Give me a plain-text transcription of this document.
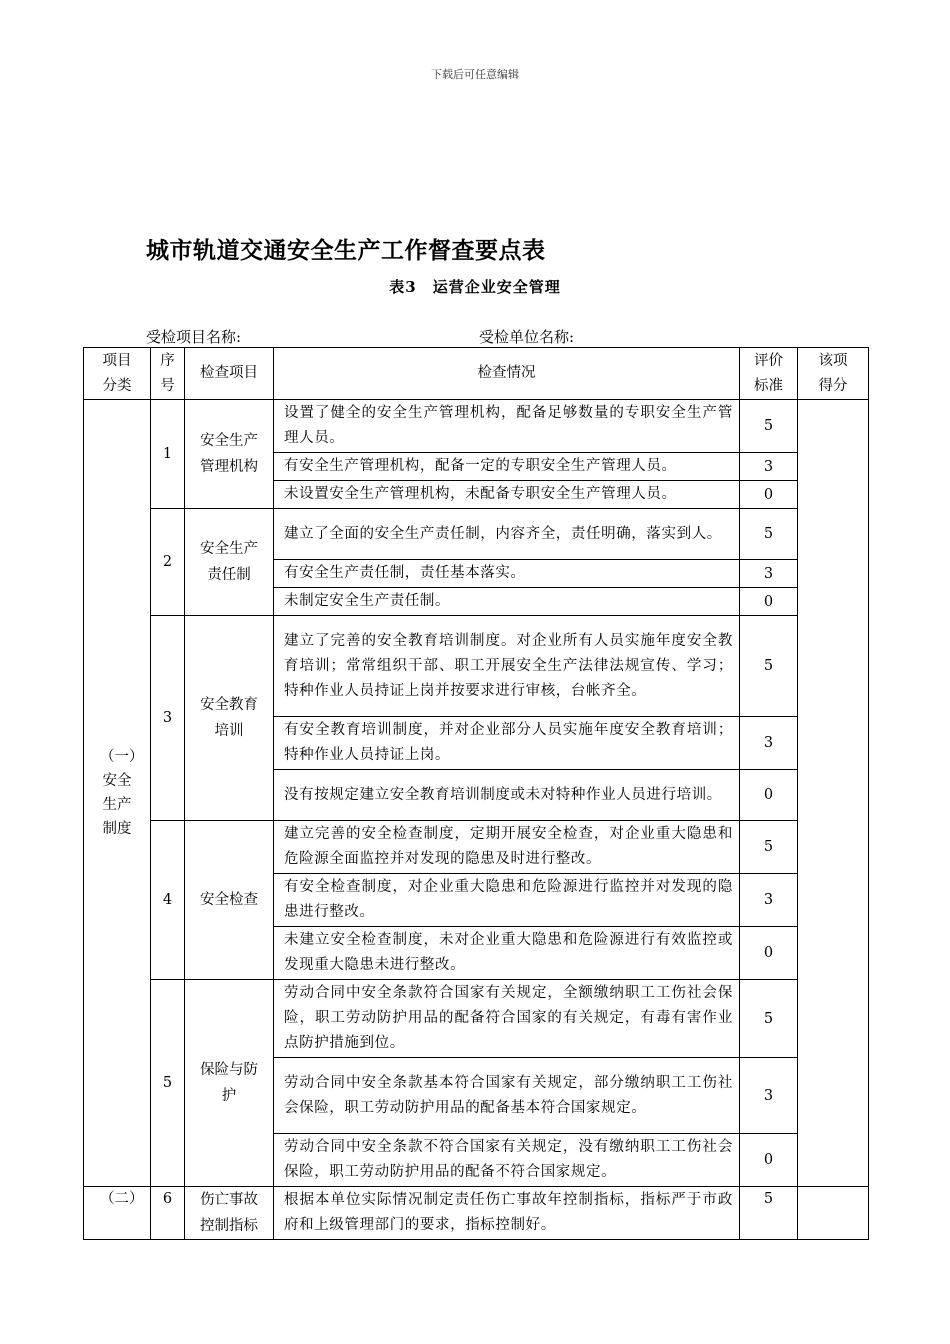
下载后可任意编辑
城市轨道交通安全生产工作督查要点表
表3　运营企业安全管理
受检项目名称:	受检单位名称:
项目分类	序号	检查项目	检查情况	评价标准	该项得分
（一）安全生产制度	1	安全生产管理机构	设置了健全的安全生产管理机构，配备足够数量的专职安全生产管理人员。	5	
			有安全生产管理机构，配备一定的专职安全生产管理人员。	3	
			未设置安全生产管理机构，未配备专职安全生产管理人员。	0	
	2	安全生产责任制	建立了全面的安全生产责任制，内容齐全，责任明确，落实到人。	5	
			有安全生产责任制，责任基本落实。	3	
			未制定安全生产责任制。	0	
	3	安全教育培训	建立了完善的安全教育培训制度。对企业所有人员实施年度安全教育培训；常常组织干部、职工开展安全生产法律法规宣传、学习；特种作业人员持证上岗并按要求进行审核，台帐齐全。	5	
			有安全教育培训制度，并对企业部分人员实施年度安全教育培训；特种作业人员持证上岗。	3	
			没有按规定建立安全教育培训制度或未对特种作业人员进行培训。	0	
	4	安全检查	建立完善的安全检查制度，定期开展安全检查，对企业重大隐患和危险源全面监控并对发现的隐患及时进行整改。	5	
			有安全检查制度，对企业重大隐患和危险源进行监控并对发现的隐患进行整改。	3	
			未建立安全检查制度，未对企业重大隐患和危险源进行有效监控或发现重大隐患未进行整改。	0	
	5	保险与防护	劳动合同中安全条款符合国家有关规定，全额缴纳职工工伤社会保险，职工劳动防护用品的配备符合国家的有关规定，有毒有害作业点防护措施到位。	5	
			劳动合同中安全条款基本符合国家有关规定，部分缴纳职工工伤社会保险，职工劳动防护用品的配备基本符合国家规定。	3	
			劳动合同中安全条款不符合国家有关规定，没有缴纳职工工伤社会保险，职工劳动防护用品的配备不符合国家规定。	0	
（二）	6	伤亡事故控制指标	根据本单位实际情况制定责任伤亡事故年控制指标，指标严于市政府和上级管理部门的要求，指标控制好。	5	
